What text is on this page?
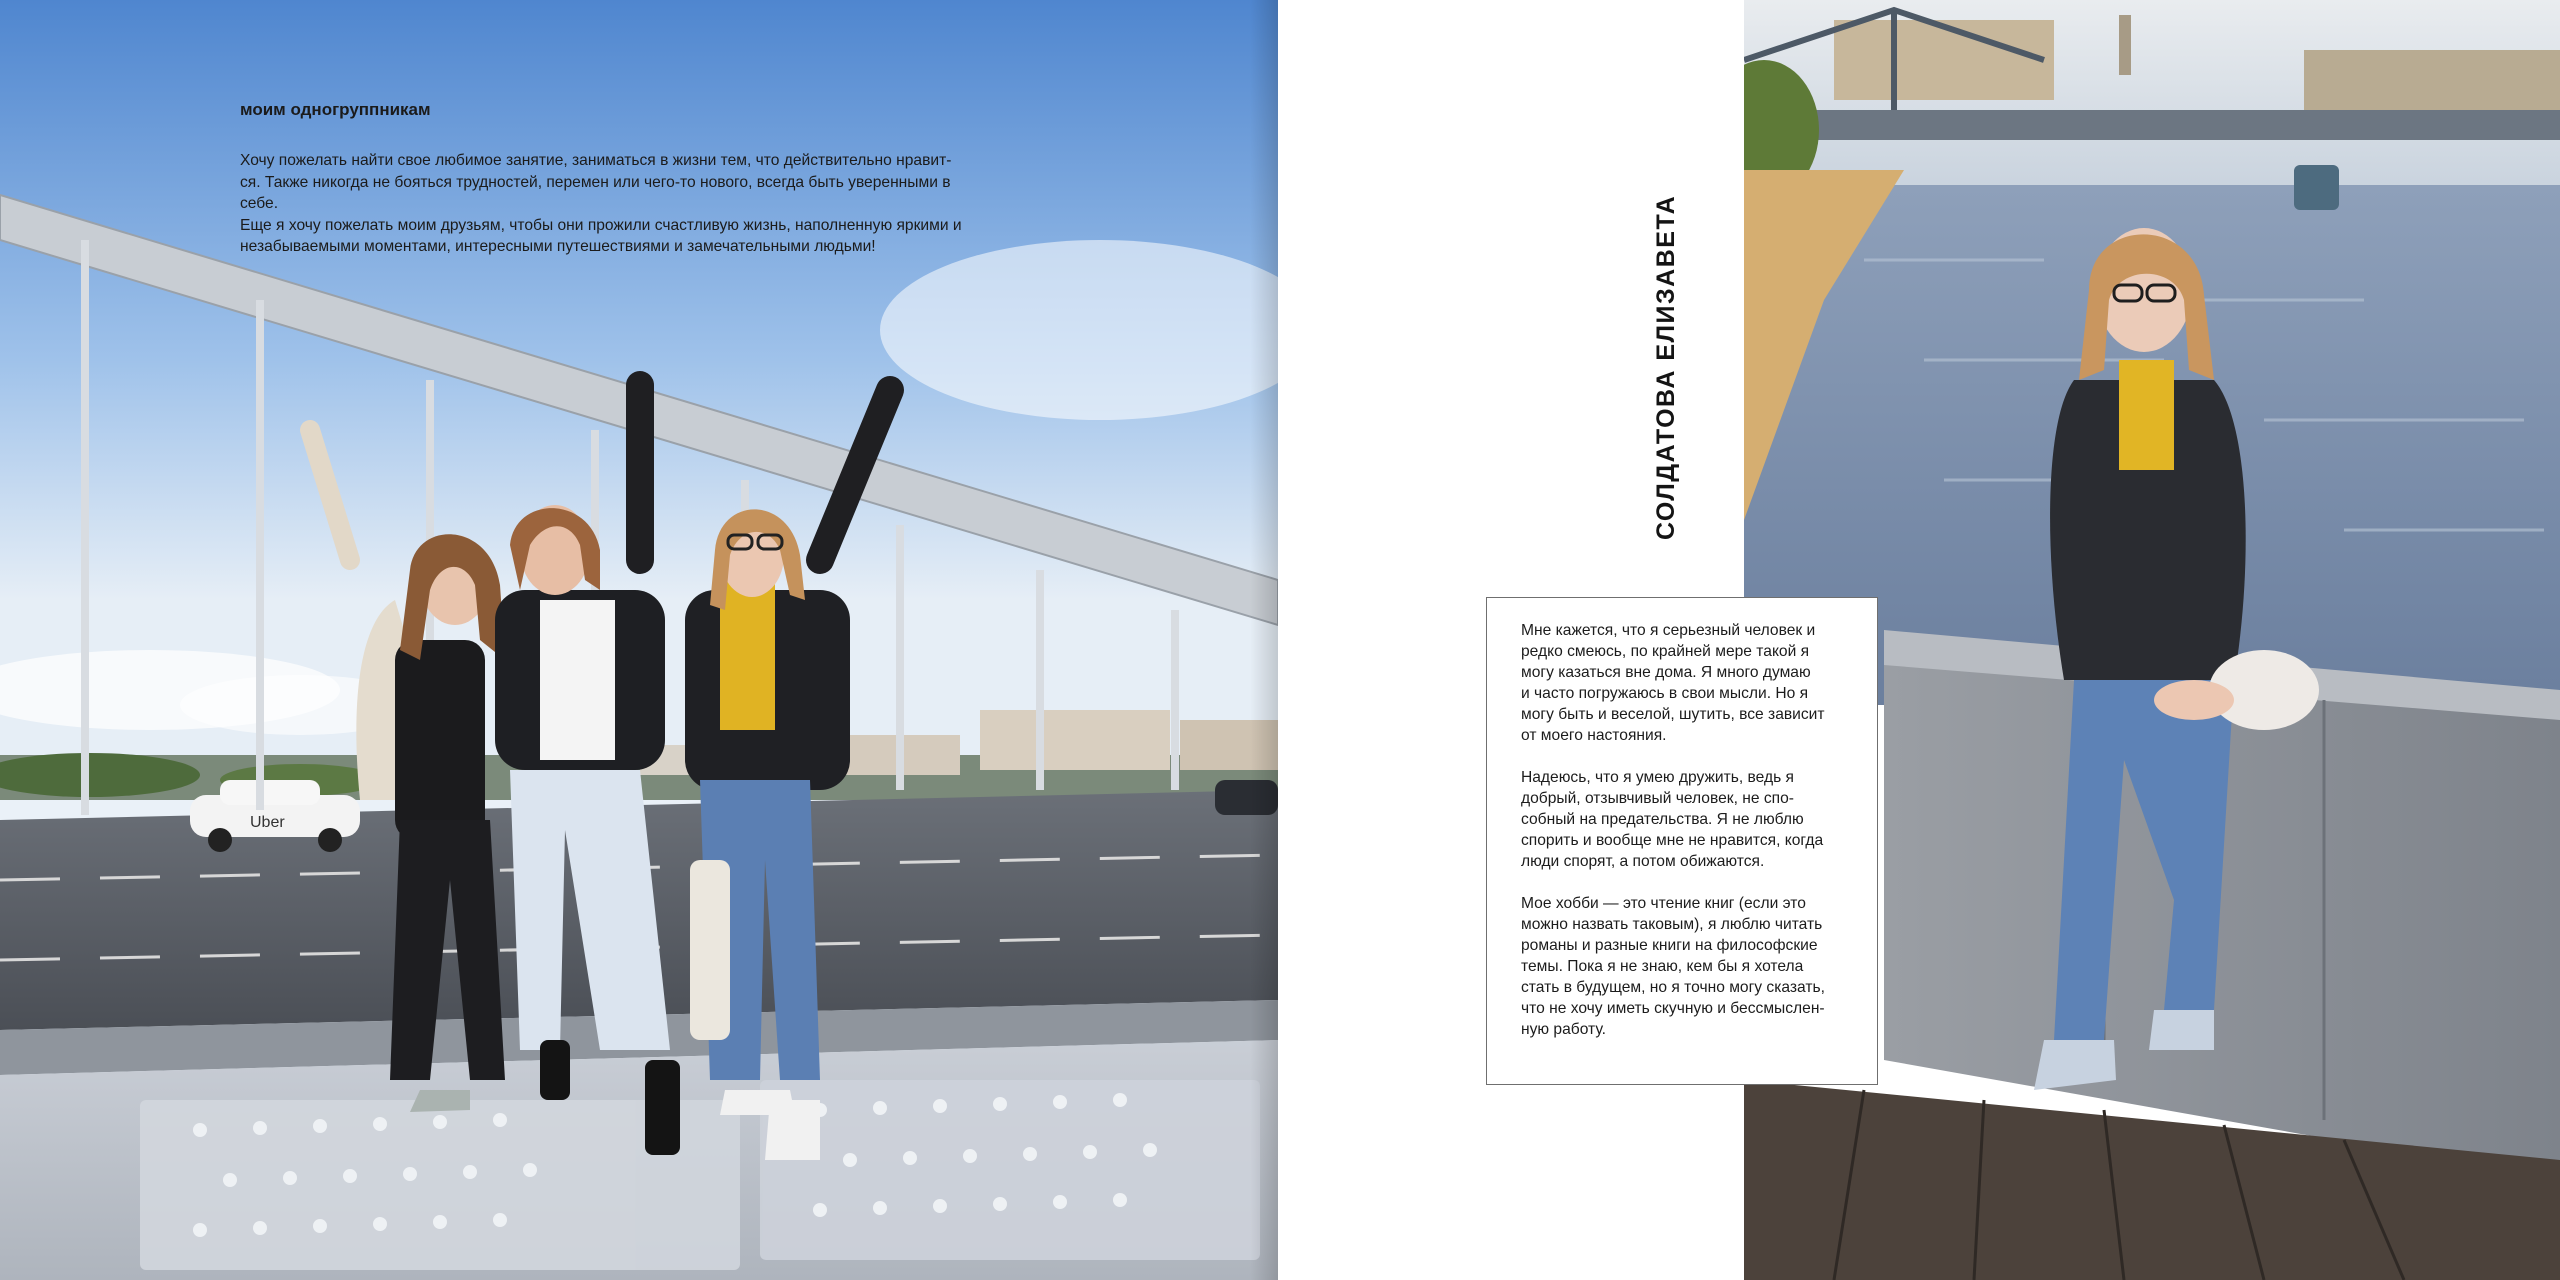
Uber
моим одногруппникам

Хочу пожелать найти свое любимое занятие, заниматься в жизни тем, что действительно нравит-
ся. Также никогда не бояться трудностей, перемен или чего-то нового, всегда быть уверенными в
себе.
Еще я хочу пожелать моим друзьям, чтобы они прожили счастливую жизнь, наполненную яркими и
незабываемыми моментами, интересными путешествиями и замечательными людьми!	СОЛДАТОВА ЕЛИЗАВЕТА

Мне кажется, что я серьезный человек и
редко смеюсь, по крайней мере такой я
могу казаться вне дома. Я много думаю
и часто погружаюсь в свои мысли. Но я
могу быть и веселой, шутить, все зависит
от моего настояния.

Надеюсь, что я умею дружить, ведь я
добрый, отзывчивый человек, не спо-
собный на предательства. Я не люблю
спорить и вообще мне не нравится, когда
люди спорят, а потом обижаются.

Мое хобби — это чтение книг (если это
можно назвать таковым), я люблю читать
романы и разные книги на философские
темы. Пока я не знаю, кем бы я хотела
стать в будущем, но я точно могу сказать,
что не хочу иметь скучную и бессмыслен-
ную работу.
